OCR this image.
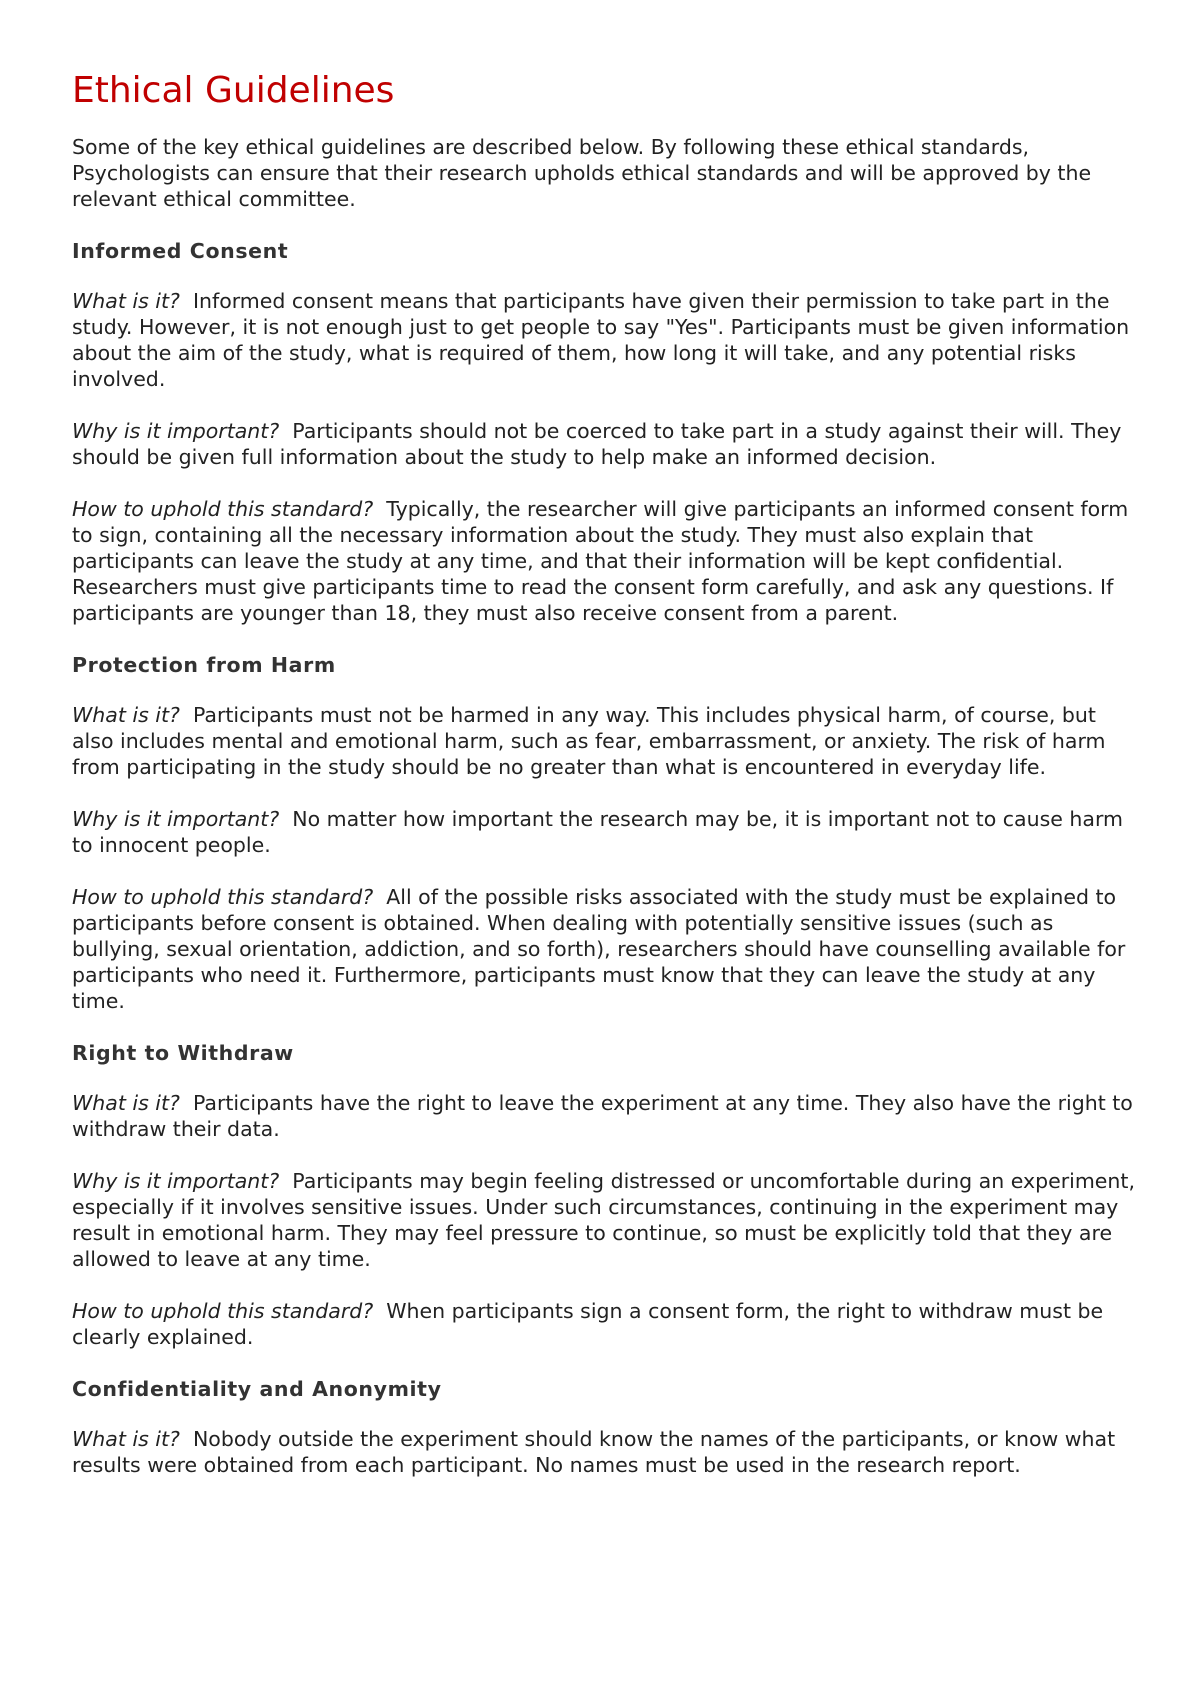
Ethical Guidelines

Some of the key ethical guidelines are described below. By following these ethical standards, Psychologists can ensure that their research upholds ethical standards and will be approved by the relevant ethical committee.

Informed Consent

What is it? Informed consent means that participants have given their permission to take part in the study. However, it is not enough just to get people to say "Yes". Participants must be given information about the aim of the study, what is required of them, how long it will take, and any potential risks involved.

Why is it important? Participants should not be coerced to take part in a study against their will. They should be given full information about the study to help make an informed decision.

How to uphold this standard? Typically, the researcher will give participants an informed consent form to sign, containing all the necessary information about the study. They must also explain that participants can leave the study at any time, and that their information will be kept confidential. Researchers must give participants time to read the consent form carefully, and ask any questions. If participants are younger than 18, they must also receive consent from a parent.

Protection from Harm

What is it? Participants must not be harmed in any way. This includes physical harm, of course, but also includes mental and emotional harm, such as fear, embarrassment, or anxiety. The risk of harm from participating in the study should be no greater than what is encountered in everyday life.

Why is it important?  No matter how important the research may be, it is important not to cause harm to innocent people.

How to uphold this standard? All of the possible risks associated with the study must be explained to participants before consent is obtained. When dealing with potentially sensitive issues (such as bullying, sexual orientation, addiction, and so forth), researchers should have counselling available for participants who need it. Furthermore, participants must know that they can leave the study at any time.

Right to Withdraw

What is it? Participants have the right to leave the experiment at any time. They also have the right to withdraw their data.

Why is it important? Participants may begin feeling distressed or uncomfortable during an experiment, especially if it involves sensitive issues. Under such circumstances, continuing in the experiment may result in emotional harm. They may feel pressure to continue, so must be explicitly told that they are allowed to leave at any time.

How to uphold this standard? When participants sign a consent form, the right to withdraw must be clearly explained.

Confidentiality and Anonymity

What is it? Nobody outside the experiment should know the names of the participants, or know what results were obtained from each participant. No names must be used in the research report.
